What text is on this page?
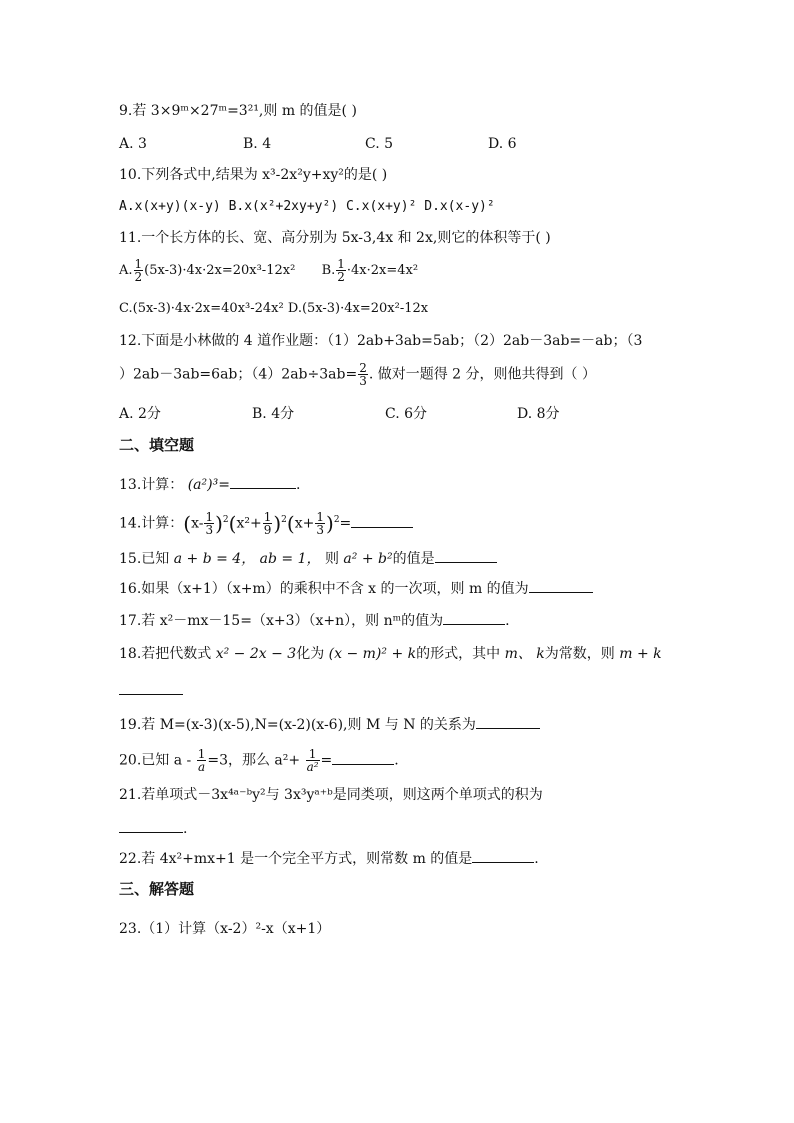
9.若 3×9ᵐ×27ᵐ=3²¹,则 m 的值是( )
A. 3	B. 4	C. 5	D. 6
10.下列各式中,结果为 x³-2x²y+xy²的是( )
A.x(x+y)(x-y) B.x(x²+2xy+y²) C.x(x+y)² D.x(x-y)²
11.一个长方体的长、宽、高分别为 5x-3,4x 和 2x,则它的体积等于( )
A. $\frac{1}{2} (5x-3)\cdot 4x\cdot 2x=20x^3-12x^2$ B. $\frac{1}{2} \cdot 4x\cdot 2x=4x^2$
C.(5x-3)·4x·2x=40x³-24x² D.(5x-3)·4x=20x²-12x
12.下面是小林做的 4 道作业题：（1）2ab+3ab=5ab；（2）2ab－3ab=－ab；（3
）2ab－3ab=6ab；$(4)2ab\div 3ab= \frac{2}{3}$ . 做对一题得 2 分，则他共得到（ ）
A. 2分	B. 4分	C. 6分	D. 8分
二、填空题
13.计算： (a²)³=	.
14.计算：$(x- \frac{1}{3} )^2(x^2+ \frac{1}{9} )^2(x+ \frac{1}{3} )^2=$
15.已知 a + b = 4， ab = 1， 则 a² + b²的值是
16.如果（x+1）（x+m）的乘积中不含 x 的一次项，则 m 的值为
17.若 x²－mx－15=（x+3）（x+n），则 nᵐ的值为	.
18.若把代数式 x² − 2x − 3化为 (x − m)² + k的形式，其中 m、 k为常数，则 m + k
19.若 M=(x-3)(x-5),N=(x-2)(x-6),则 M 与 N 的关系为
20.已知 $a - \frac{1}{a} =3$，那么 $a^2+ \frac{1}{\text{a²}}$ =	.
21.若单项式－3x⁴ᵃ⁻ᵇy²与 3x³yᵃ⁺ᵇ是同类项，则这两个单项式的积为
.
22.若 4x²+mx+1 是一个完全平方式，则常数 m 的值是	.
三、解答题
23.（1）计算（x-2）²-x（x+1）
